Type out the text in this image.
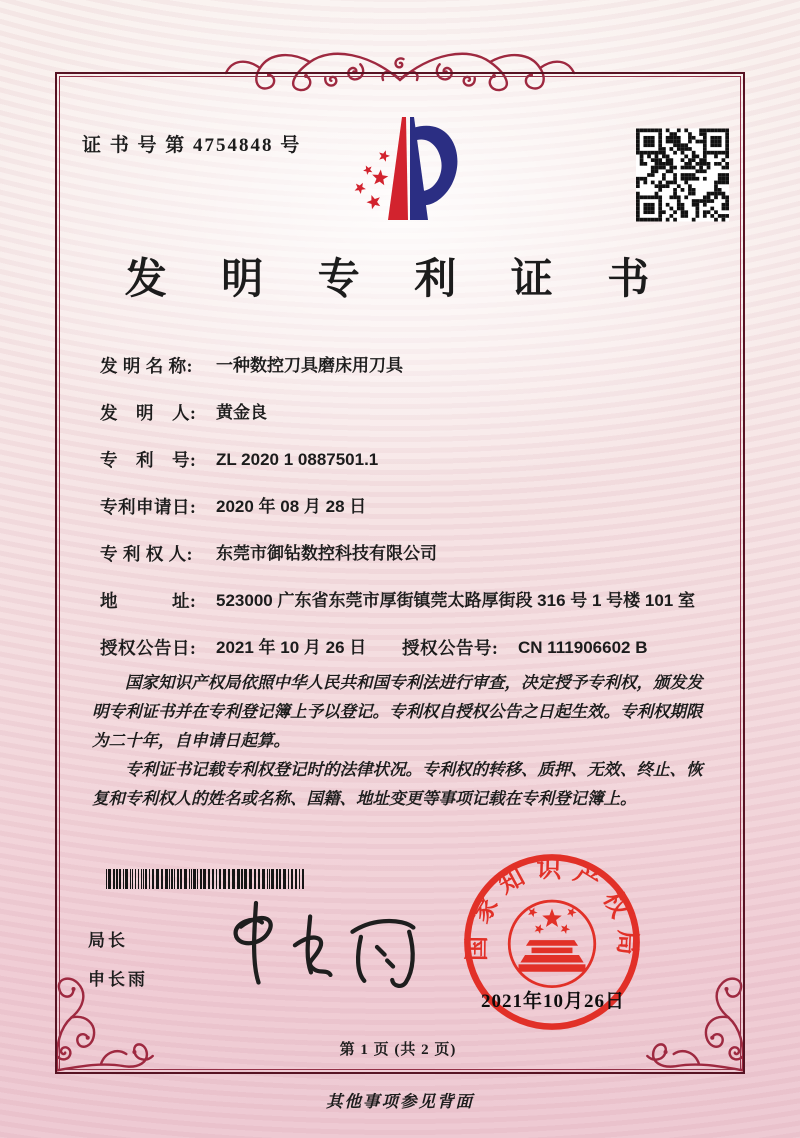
证 书 号 第 4754848 号
发 明 专 利 证 书
发 明 名 称:	一种数控刀具磨床用刀具
发　明　人:	黄金良
专　利　号:	ZL 2020 1 0887501.1
专利申请日:	2020 年 08 月 28 日
专 利 权 人:	东莞市御钻数控科技有限公司
地　　　址:	523000 广东省东莞市厚街镇莞太路厚街段 316 号 1 号楼 101 室
授权公告日:	2021 年 10 月 26 日 授权公告号:	CN 111906602 B

国家知识产权局依照中华人民共和国专利法进行审查，决定授予专利权，颁发发明专利证书并在专利登记簿上予以登记。专利权自授权公告之日起生效。专利权期限为二十年，自申请日起算。

专利证书记载专利权登记时的法律状况。专利权的转移、质押、无效、终止、恢复和专利权人的姓名或名称、国籍、地址变更等事项记载在专利登记簿上。

局长
申长雨
国家知识产权局
2021年10月26日
第 1 页 (共 2 页)
其他事项参见背面
